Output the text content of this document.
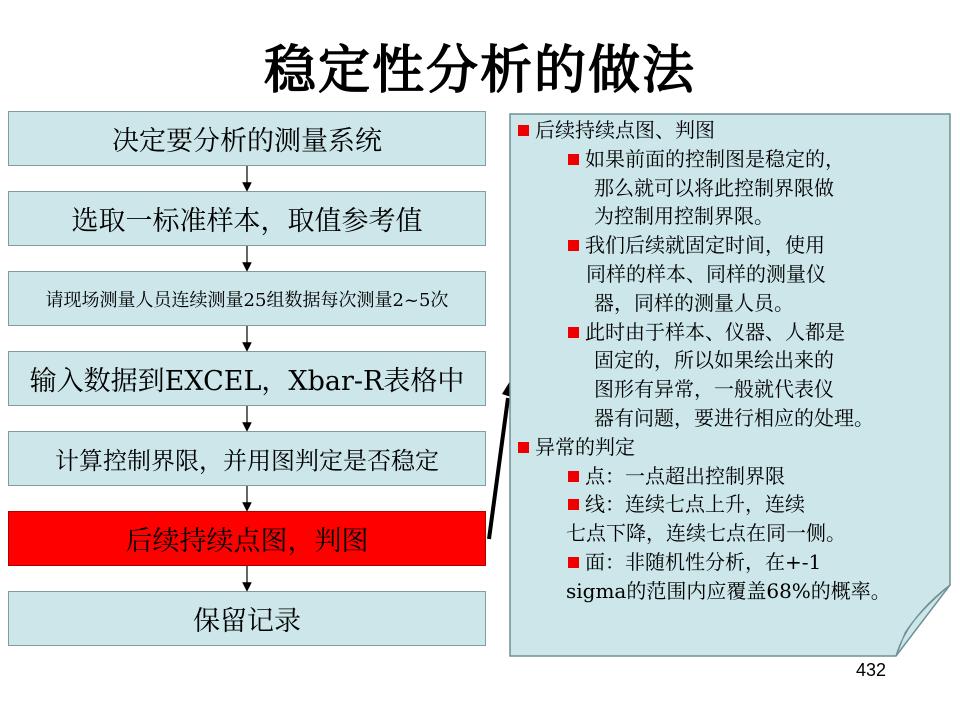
稳定性分析的做法
决定要分析的测量系统
选取一标准样本，取值参考值
请现场测量人员连续测量25组数据每次测量2~5次
输入数据到EXCEL，Xbar-R表格中
计算控制界限，并用图判定是否稳定
后续持续点图，判图
保留记录
后续持续点图、判图
如果前面的控制图是稳定的，
那么就可以将此控制界限做
为控制用控制界限。
我们后续就固定时间，使用
同样的样本、同样的测量仪
器，同样的测量人员。
此时由于样本、仪器、人都是
固定的，所以如果绘出来的
图形有异常，一般就代表仪
器有问题，要进行相应的处理。
异常的判定
点：一点超出控制界限
线：连续七点上升，连续
七点下降，连续七点在同一侧。
面：非随机性分析，在+-1
sigma的范围内应覆盖68%的概率。
432
